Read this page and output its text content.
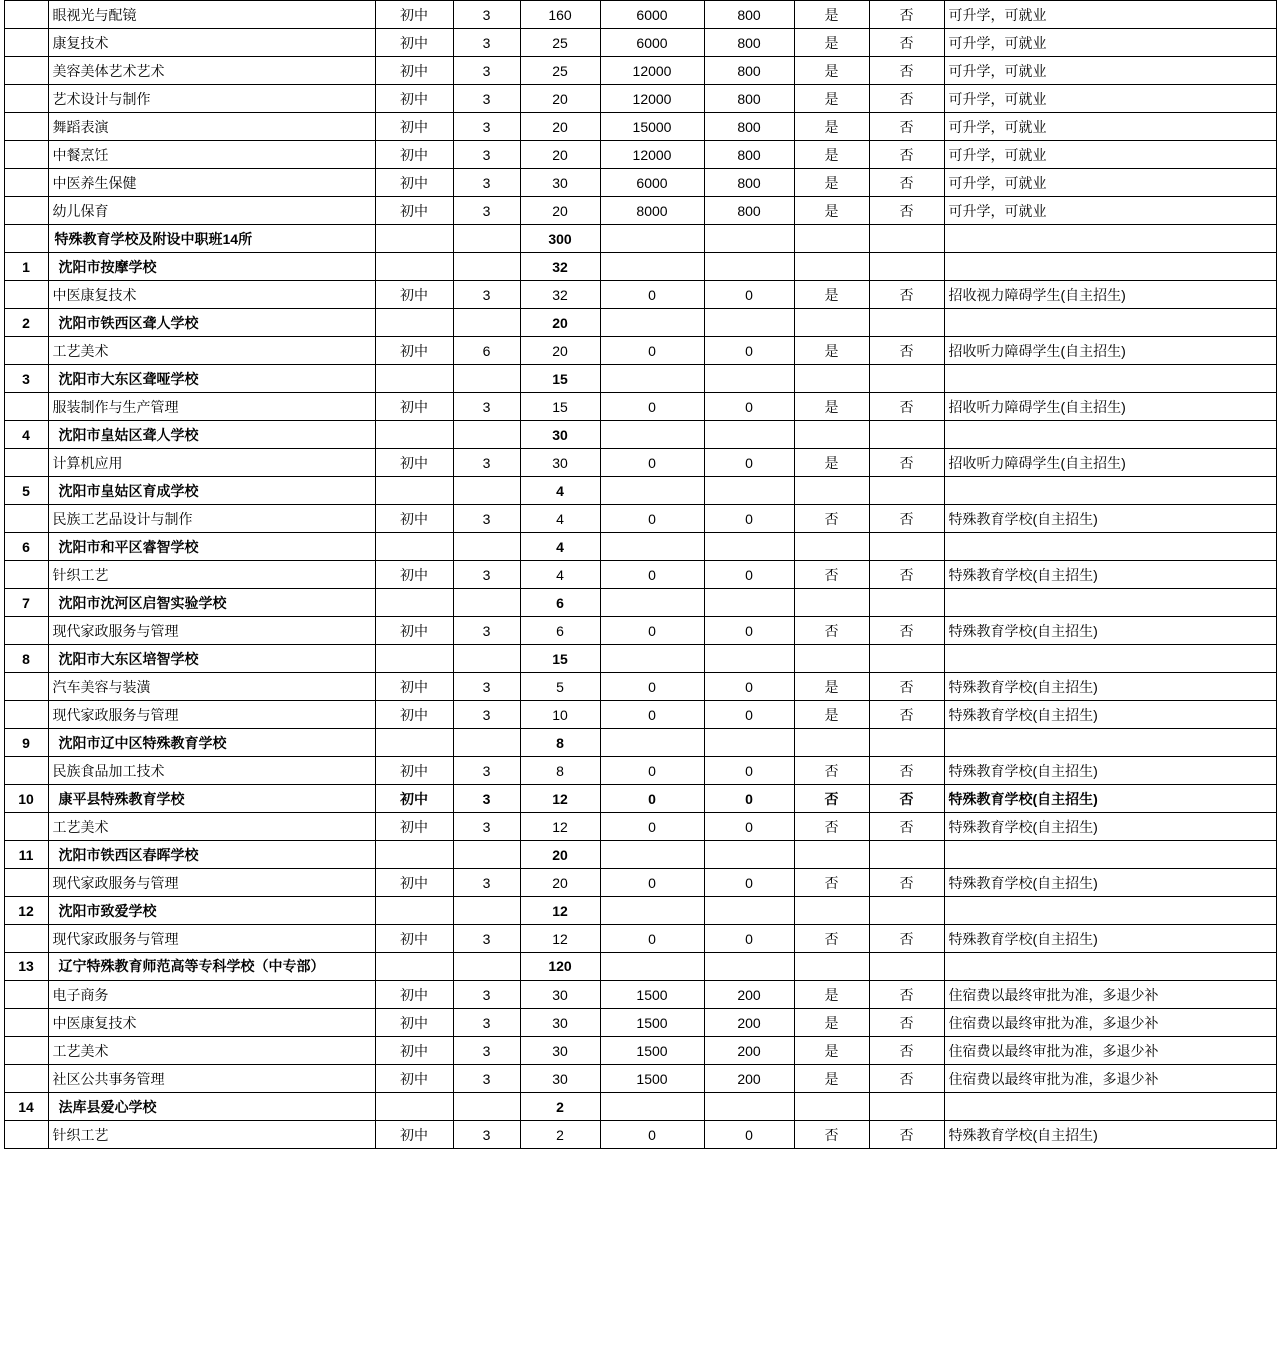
	眼视光与配镜	初中	3	160	6000	800	是	否	可升学，可就业
	康复技术	初中	3	25	6000	800	是	否	可升学，可就业
	美容美体艺术艺术	初中	3	25	12000	800	是	否	可升学，可就业
	艺术设计与制作	初中	3	20	12000	800	是	否	可升学，可就业
	舞蹈表演	初中	3	20	15000	800	是	否	可升学，可就业
	中餐烹饪	初中	3	20	12000	800	是	否	可升学，可就业
	中医养生保健	初中	3	30	6000	800	是	否	可升学，可就业
	幼儿保育	初中	3	20	8000	800	是	否	可升学，可就业
	特殊教育学校及附设中职班14所			300					
1	沈阳市按摩学校			32					
	中医康复技术	初中	3	32	0	0	是	否	招收视力障碍学生(自主招生)
2	沈阳市铁西区聋人学校			20					
	工艺美术	初中	6	20	0	0	是	否	招收听力障碍学生(自主招生)
3	沈阳市大东区聋哑学校			15					
	服装制作与生产管理	初中	3	15	0	0	是	否	招收听力障碍学生(自主招生)
4	沈阳市皇姑区聋人学校			30					
	计算机应用	初中	3	30	0	0	是	否	招收听力障碍学生(自主招生)
5	沈阳市皇姑区育成学校			4					
	民族工艺品设计与制作	初中	3	4	0	0	否	否	特殊教育学校(自主招生)
6	沈阳市和平区睿智学校			4					
	针织工艺	初中	3	4	0	0	否	否	特殊教育学校(自主招生)
7	沈阳市沈河区启智实验学校			6					
	现代家政服务与管理	初中	3	6	0	0	否	否	特殊教育学校(自主招生)
8	沈阳市大东区培智学校			15					
	汽车美容与装潢	初中	3	5	0	0	是	否	特殊教育学校(自主招生)
	现代家政服务与管理	初中	3	10	0	0	是	否	特殊教育学校(自主招生)
9	沈阳市辽中区特殊教育学校			8					
	民族食品加工技术	初中	3	8	0	0	否	否	特殊教育学校(自主招生)
10	康平县特殊教育学校	初中	3	12	0	0	否	否	特殊教育学校(自主招生)
	工艺美术	初中	3	12	0	0	否	否	特殊教育学校(自主招生)
11	沈阳市铁西区春晖学校			20					
	现代家政服务与管理	初中	3	20	0	0	否	否	特殊教育学校(自主招生)
12	沈阳市致爱学校			12					
	现代家政服务与管理	初中	3	12	0	0	否	否	特殊教育学校(自主招生)
13	辽宁特殊教育师范高等专科学校（中专部）			120					
	电子商务	初中	3	30	1500	200	是	否	住宿费以最终审批为准，多退少补
	中医康复技术	初中	3	30	1500	200	是	否	住宿费以最终审批为准，多退少补
	工艺美术	初中	3	30	1500	200	是	否	住宿费以最终审批为准，多退少补
	社区公共事务管理	初中	3	30	1500	200	是	否	住宿费以最终审批为准，多退少补
14	法库县爱心学校			2					
	针织工艺	初中	3	2	0	0	否	否	特殊教育学校(自主招生)
